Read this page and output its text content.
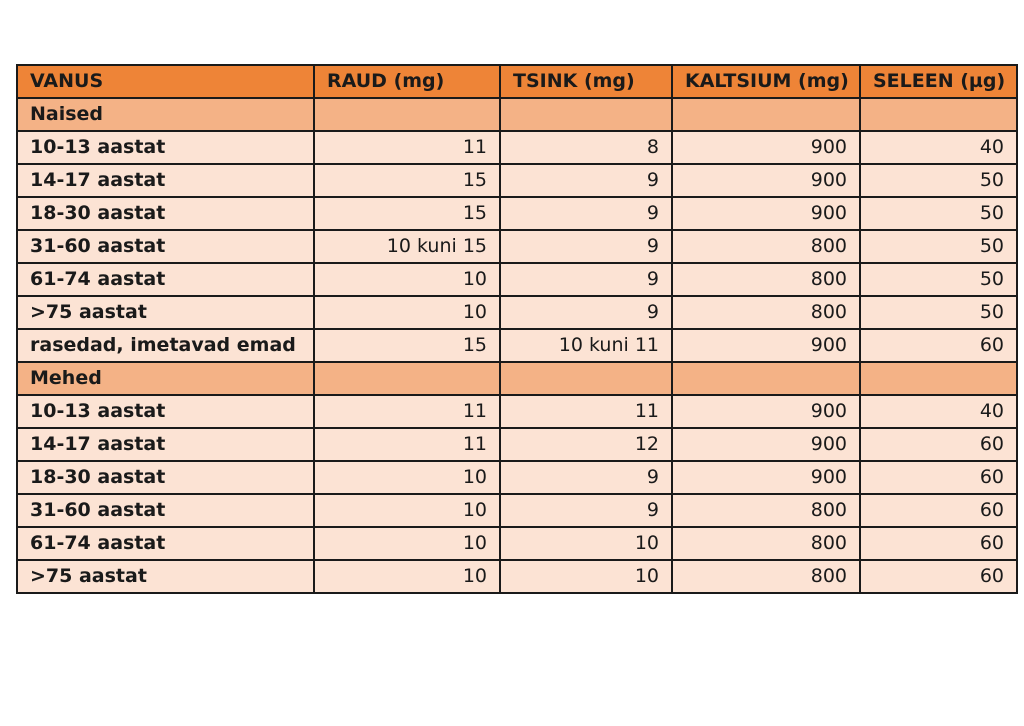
VANUS	RAUD (mg)	TSINK (mg)	KALTSIUM (mg)	SELEEN (µg)
Naised				
10-13 aastat	11	8	900	40
14-17 aastat	15	9	900	50
18-30 aastat	15	9	900	50
31-60 aastat	10 kuni 15	9	800	50
61-74 aastat	10	9	800	50
>75 aastat	10	9	800	50
rasedad, imetavad emad	15	10 kuni 11	900	60
Mehed				
10-13 aastat	11	11	900	40
14-17 aastat	11	12	900	60
18-30 aastat	10	9	900	60
31-60 aastat	10	9	800	60
61-74 aastat	10	10	800	60
>75 aastat	10	10	800	60
